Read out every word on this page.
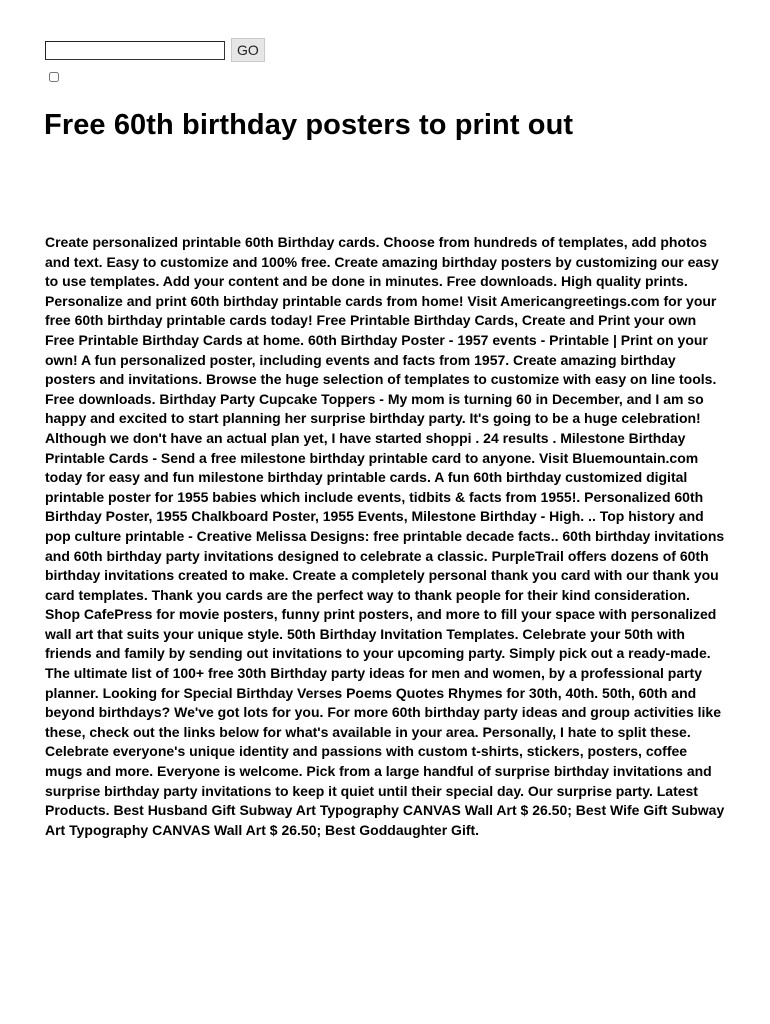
GO
Free 60th birthday posters to print out

Create personalized printable 60th Birthday cards. Choose from hundreds of templates, add photos and text. Easy to customize and 100% free. Create amazing birthday posters by customizing our easy to use templates. Add your content and be done in minutes. Free downloads. High quality prints. Personalize and print 60th birthday printable cards from home! Visit Americangreetings.com for your free 60th birthday printable cards today! Free Printable Birthday Cards, Create and Print your own Free Printable Birthday Cards at home. 60th Birthday Poster - 1957 events - Printable | Print on your own! A fun personalized poster, including events and facts from 1957. Create amazing birthday posters and invitations. Browse the huge selection of templates to customize with easy on line tools. Free downloads. Birthday Party Cupcake Toppers - My mom is turning 60 in December, and I am so happy and excited to start planning her surprise birthday party. It's going to be a huge celebration! Although we don't have an actual plan yet, I have started shoppi . 24 results . Milestone Birthday Printable Cards - Send a free milestone birthday printable card to anyone. Visit Bluemountain.com today for easy and fun milestone birthday printable cards. A fun 60th birthday customized digital printable poster for 1955 babies which include events, tidbits & facts from 1955!. Personalized 60th Birthday Poster, 1955 Chalkboard Poster, 1955 Events, Milestone Birthday - High. .. Top history and pop culture printable - Creative Melissa Designs: free printable decade facts.. 60th birthday invitations and 60th birthday party invitations designed to celebrate a classic. PurpleTrail offers dozens of 60th birthday invitations created to make. Create a completely personal thank you card with our thank you card templates. Thank you cards are the perfect way to thank people for their kind consideration. Shop CafePress for movie posters, funny print posters, and more to fill your space with personalized wall art that suits your unique style. 50th Birthday Invitation Templates. Celebrate your 50th with friends and family by sending out invitations to your upcoming party. Simply pick out a ready-made. The ultimate list of 100+ free 30th Birthday party ideas for men and women, by a professional party planner. Looking for Special Birthday Verses Poems Quotes Rhymes for 30th, 40th. 50th, 60th and beyond birthdays? We've got lots for you. For more 60th birthday party ideas and group activities like these, check out the links below for what's available in your area. Personally, I hate to split these. Celebrate everyone's unique identity and passions with custom t-shirts, stickers, posters, coffee mugs and more. Everyone is welcome. Pick from a large handful of surprise birthday invitations and surprise birthday party invitations to keep it quiet until their special day. Our surprise party. Latest Products. Best Husband Gift Subway Art Typography CANVAS Wall Art $ 26.50; Best Wife Gift Subway Art Typography CANVAS Wall Art $ 26.50; Best Goddaughter Gift.
